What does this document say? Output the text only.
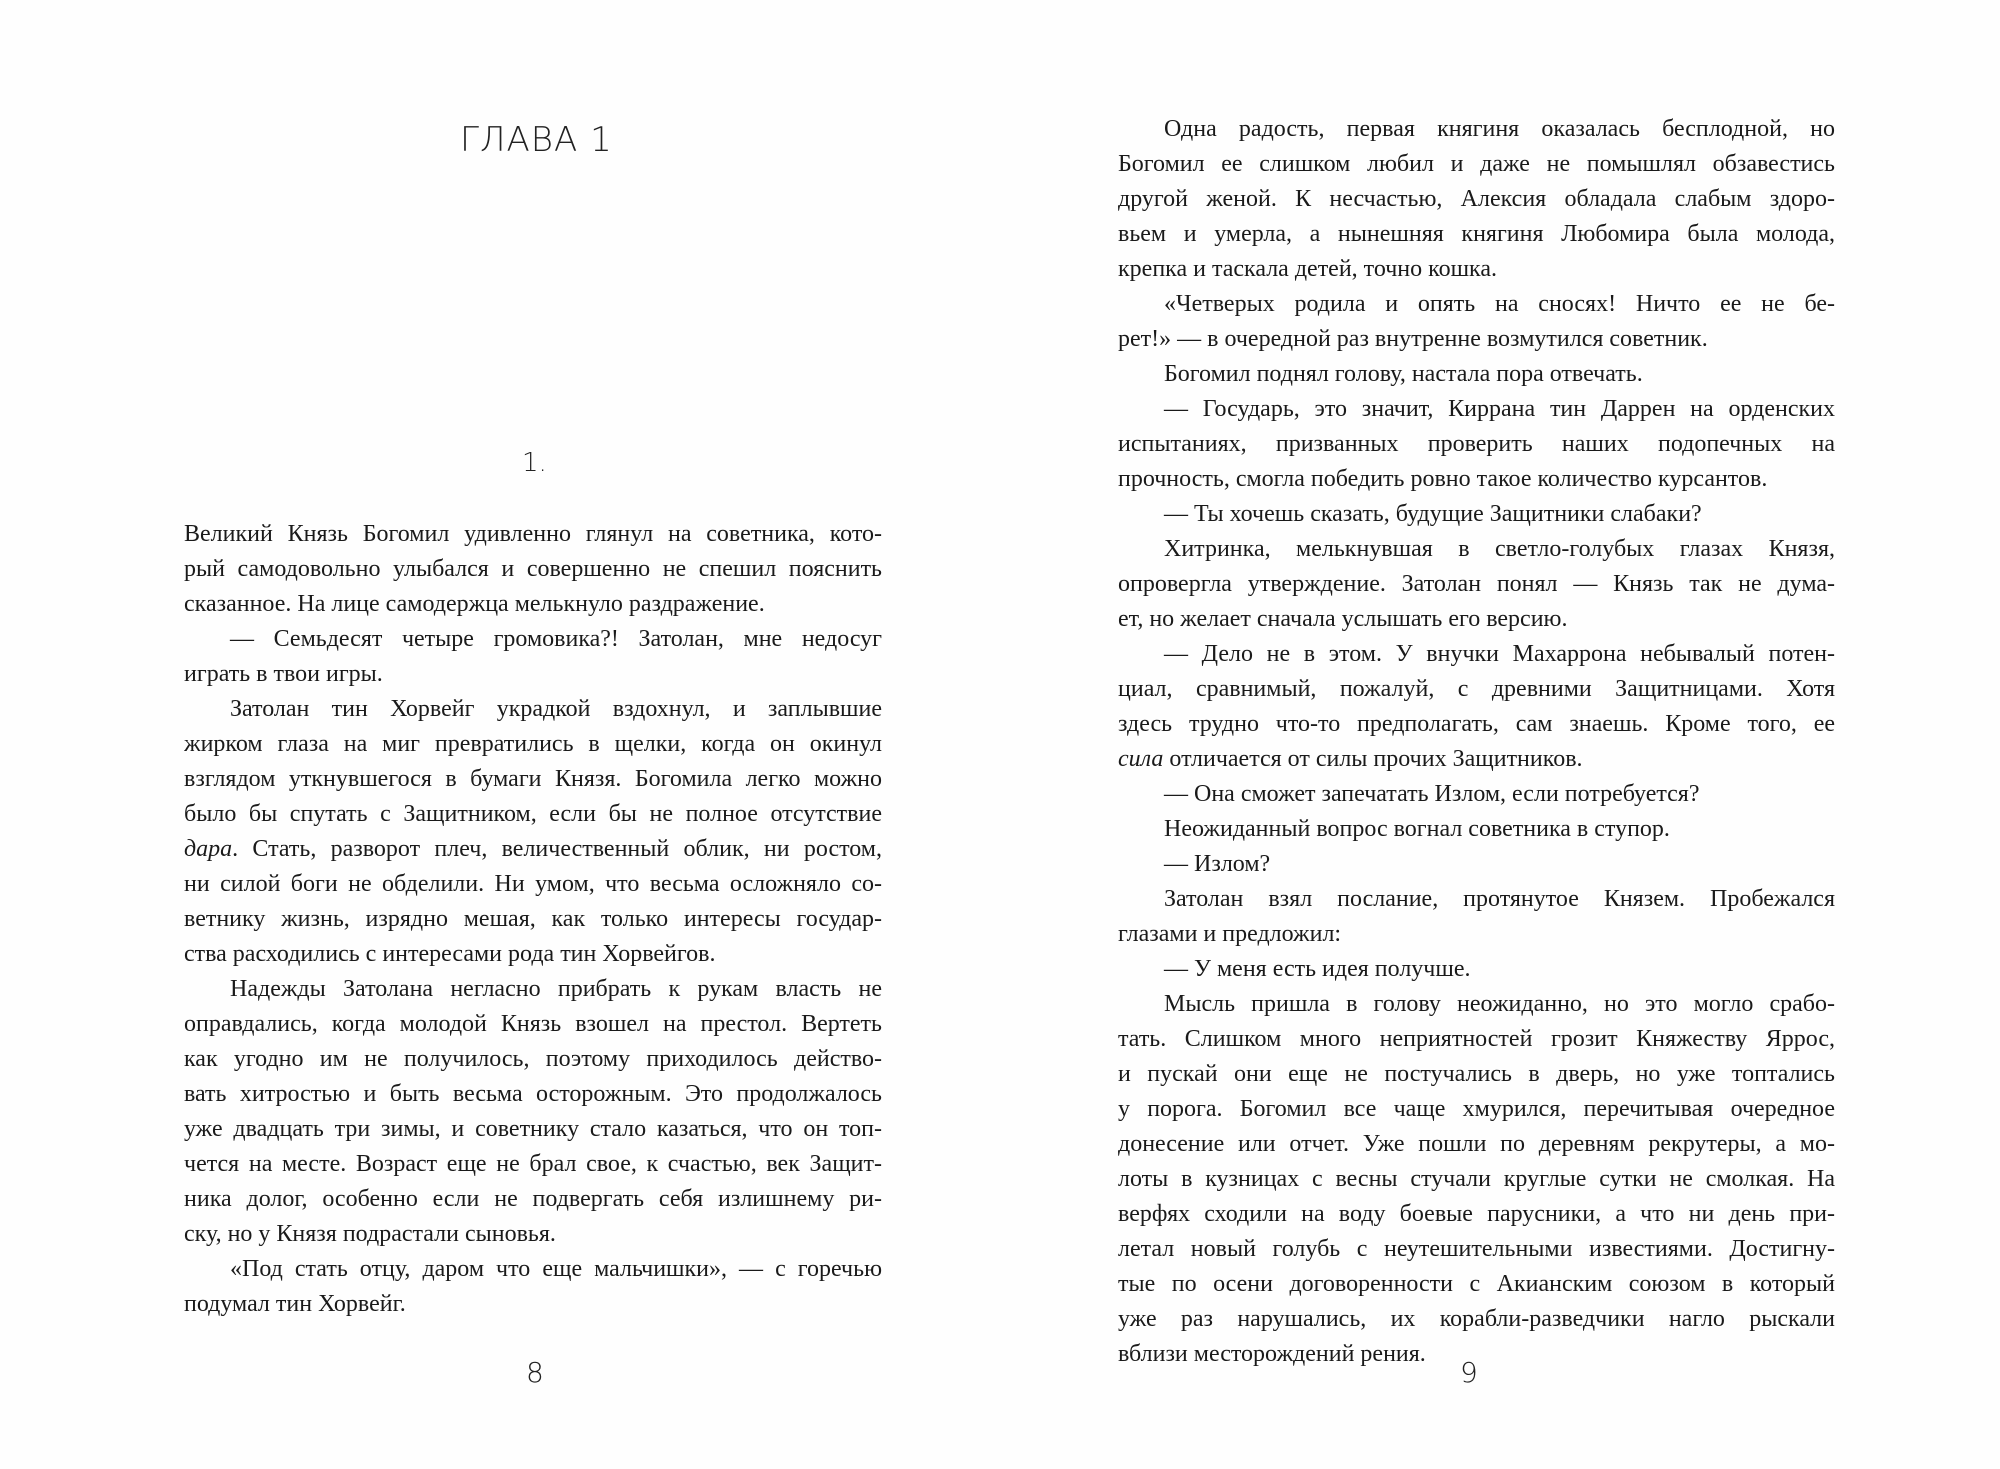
ГЛАВА 1
1.
Великий Князь Богомил удивленно глянул на советника, кото-
рый самодовольно улыбался и совершенно не спешил пояснить
сказанное. На лице самодержца мелькнуло раздражение.
— Семьдесят четыре громовика?! Затолан, мне недосуг
играть в твои игры.
Затолан тин Хорвейг украдкой вздохнул, и заплывшие
жирком глаза на миг превратились в щелки, когда он окинул
взглядом уткнувшегося в бумаги Князя. Богомила легко можно
было бы спутать с Защитником, если бы не полное отсутствие
дара. Стать, разворот плеч, величественный облик, ни ростом,
ни силой боги не обделили. Ни умом, что весьма осложняло со-
ветнику жизнь, изрядно мешая, как только интересы государ-
ства расходились с интересами рода тин Хорвейгов.
Надежды Затолана негласно прибрать к рукам власть не
оправдались, когда молодой Князь взошел на престол. Вертеть
как угодно им не получилось, поэтому приходилось действо-
вать хитростью и быть весьма осторожным. Это продолжалось
уже двадцать три зимы, и советнику стало казаться, что он топ-
чется на месте. Возраст еще не брал свое, к счастью, век Защит-
ника долог, особенно если не подвергать себя излишнему ри-
ску, но у Князя подрастали сыновья.
«Под стать отцу, даром что еще мальчишки», — с горечью
подумал тин Хорвейг.
8
Одна радость, первая княгиня оказалась бесплодной, но
Богомил ее слишком любил и даже не помышлял обзавестись
другой женой. К несчастью, Алексия обладала слабым здоро-
вьем и умерла, а нынешняя княгиня Любомира была молода,
крепка и таскала детей, точно кошка.
«Четверых родила и опять на сносях! Ничто ее не бе-
рет!» — в очередной раз внутренне возмутился советник.
Богомил поднял голову, настала пора отвечать.
— Государь, это значит, Киррана тин Даррен на орденских
испытаниях, призванных проверить наших подопечных на
прочность, смогла победить ровно такое количество курсантов.
— Ты хочешь сказать, будущие Защитники слабаки?
Хитринка, мелькнувшая в светло-голубых глазах Князя,
опровергла утверждение. Затолан понял — Князь так не дума-
ет, но желает сначала услышать его версию.
— Дело не в этом. У внучки Махаррона небывалый потен-
циал, сравнимый, пожалуй, с древними Защитницами. Хотя
здесь трудно что-то предполагать, сам знаешь. Кроме того, ее
сила отличается от силы прочих Защитников.
— Она сможет запечатать Излом, если потребуется?
Неожиданный вопрос вогнал советника в ступор.
— Излом?
Затолан взял послание, протянутое Князем. Пробежался
глазами и предложил:
— У меня есть идея получше.
Мысль пришла в голову неожиданно, но это могло срабо-
тать. Слишком много неприятностей грозит Княжеству Яррос,
и пускай они еще не постучались в дверь, но уже топтались
у порога. Богомил все чаще хмурился, перечитывая очередное
донесение или отчет. Уже пошли по деревням рекрутеры, а мо-
лоты в кузницах с весны стучали круглые сутки не смолкая. На
верфях сходили на воду боевые парусники, а что ни день при-
летал новый голубь с неутешительными известиями. Достигну-
тые по осени договоренности с Акианским союзом в который
уже раз нарушались, их корабли-разведчики нагло рыскали
вблизи месторождений рения.
9
